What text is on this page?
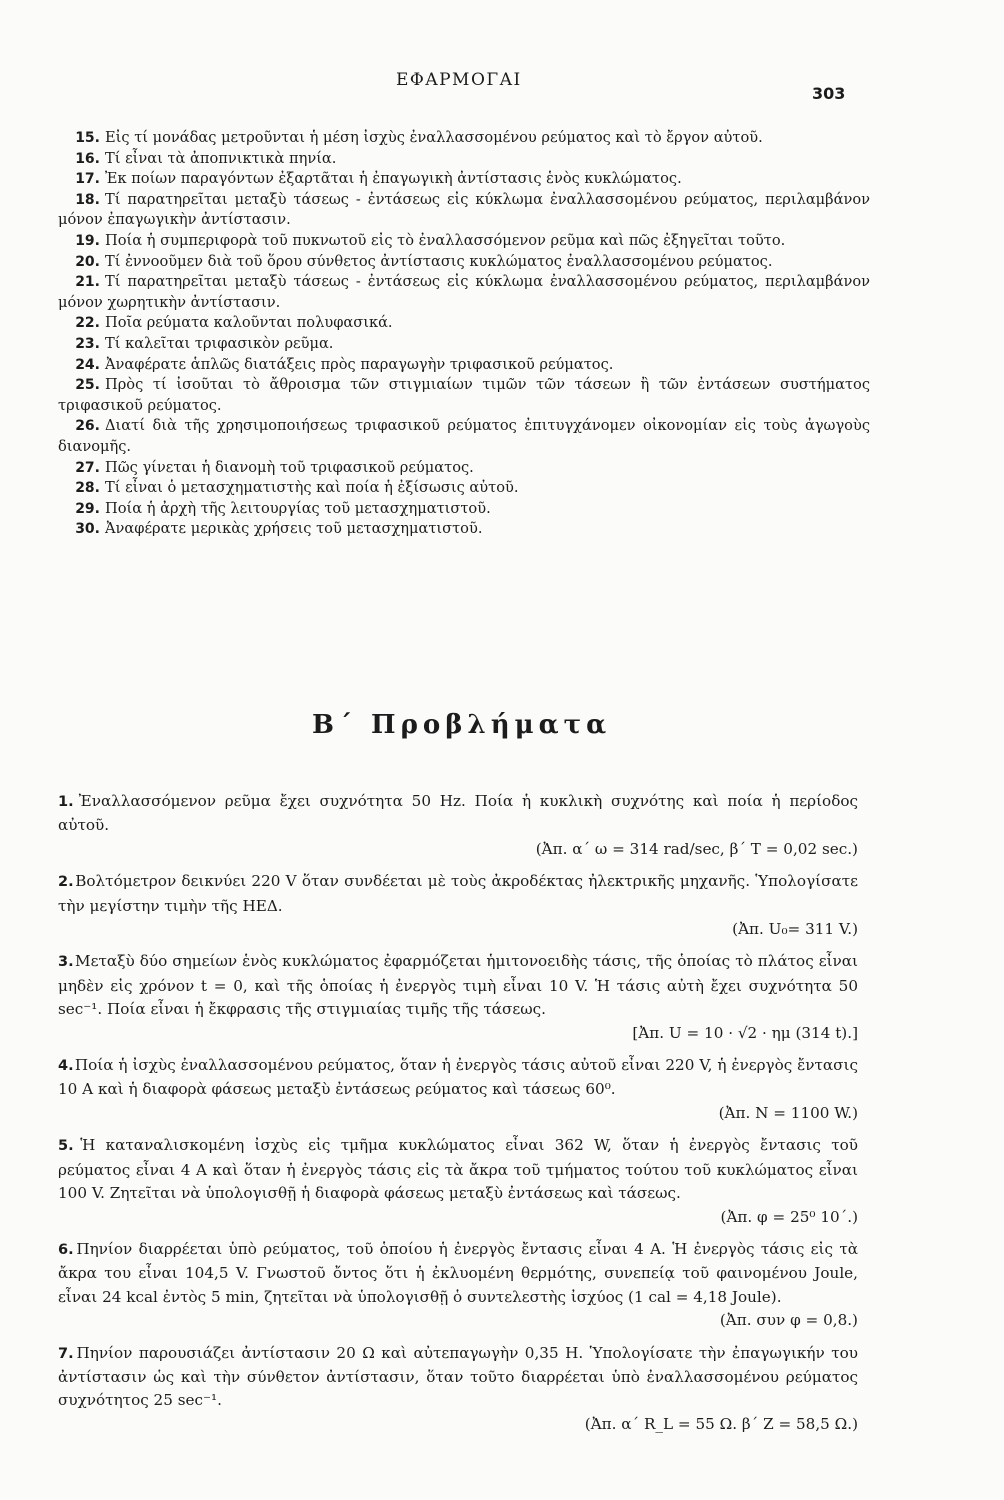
ΕΦΑΡΜΟΓΑΙ
303

15. Εἰς τί μονάδας μετροῦνται ἡ μέση ἰσχὺς ἐναλλασσομένου ρεύματος καὶ τὸ ἔργον αὐτοῦ.

16. Τί εἶναι τὰ ἀποπνικτικὰ πηνία.

17. Ἐκ ποίων παραγόντων ἐξαρτᾶται ἡ ἐπαγωγικὴ ἀντίστασις ἑνὸς κυκλώματος.

18. Τί παρατηρεῖται μεταξὺ τάσεως - ἐντάσεως εἰς κύκλωμα ἐναλλασσομένου ρεύματος, περιλαμβάνον μόνον ἐπαγωγικὴν ἀντίστασιν.

19. Ποία ἡ συμπεριφορὰ τοῦ πυκνωτοῦ εἰς τὸ ἐναλλασσόμενον ρεῦμα καὶ πῶς ἐξηγεῖται τοῦτο.

20. Τί ἐννοοῦμεν διὰ τοῦ ὅρου σύνθετος ἀντίστασις κυκλώματος ἐναλλασσομένου ρεύματος.

21. Τί παρατηρεῖται μεταξὺ τάσεως - ἐντάσεως εἰς κύκλωμα ἐναλλασσομένου ρεύματος, περιλαμβάνον μόνον χωρητικὴν ἀντίστασιν.

22. Ποῖα ρεύματα καλοῦνται πολυφασικά.

23. Τί καλεῖται τριφασικὸν ρεῦμα.

24. Ἀναφέρατε ἁπλῶς διατάξεις πρὸς παραγωγὴν τριφασικοῦ ρεύματος.

25. Πρὸς τί ἰσοῦται τὸ ἄθροισμα τῶν στιγμιαίων τιμῶν τῶν τάσεων ἢ τῶν ἐντάσεων συστήματος τριφασικοῦ ρεύματος.

26. Διατί διὰ τῆς χρησιμοποιήσεως τριφασικοῦ ρεύματος ἐπιτυγχάνομεν οἰκονομίαν εἰς τοὺς ἀγωγοὺς διανομῆς.

27. Πῶς γίνεται ἡ διανομὴ τοῦ τριφασικοῦ ρεύματος.

28. Τί εἶναι ὁ μετασχηματιστὴς καὶ ποία ἡ ἐξίσωσις αὐτοῦ.

29. Ποία ἡ ἀρχὴ τῆς λειτουργίας τοῦ μετασχηματιστοῦ.

30. Ἀναφέρατε μερικὰς χρήσεις τοῦ μετασχηματιστοῦ.

Β΄ Προβλήματα

1. Ἐναλλασσόμενον ρεῦμα ἔχει συχνότητα 50 Hz. Ποία ἡ κυκλικὴ συχνότης καὶ ποία ἡ περίοδος αὐτοῦ.
(Ἀπ. α΄ ω = 314 rad/sec, β΄ T = 0,02 sec.)

2. Βολτόμετρον δεικνύει 220 V ὅταν συνδέεται μὲ τοὺς ἀκροδέκτας ἠλεκτρικῆς μηχανῆς. Ὑπολογίσατε τὴν μεγίστην τιμὴν τῆς ΗΕΔ.
(Ἀπ. U₀= 311 V.)

3. Μεταξὺ δύο σημείων ἑνὸς κυκλώματος ἐφαρμόζεται ἡμιτονοειδὴς τάσις, τῆς ὁποίας τὸ πλάτος εἶναι μηδὲν εἰς χρόνον t = 0, καὶ τῆς ὁποίας ἡ ἐνεργὸς τιμὴ εἶναι 10 V. Ἡ τάσις αὐτὴ ἔχει συχνότητα 50 sec⁻¹. Ποία εἶναι ἡ ἔκφρασις τῆς στιγμιαίας τιμῆς τῆς τάσεως.
[Ἀπ. U = 10 · √2 · ημ (314 t).]

4. Ποία ἡ ἰσχὺς ἐναλλασσομένου ρεύματος, ὅταν ἡ ἐνεργὸς τάσις αὐτοῦ εἶναι 220 V, ἡ ἐνεργὸς ἔντασις 10 A καὶ ἡ διαφορὰ φάσεως μεταξὺ ἐντάσεως ρεύματος καὶ τάσεως 60⁰.
(Ἀπ. N = 1100 W.)

5. Ἡ καταναλισκομένη ἰσχὺς εἰς τμῆμα κυκλώματος εἶναι 362 W, ὅταν ἡ ἐνεργὸς ἔντασις τοῦ ρεύματος εἶναι 4 A καὶ ὅταν ἡ ἐνεργὸς τάσις εἰς τὰ ἄκρα τοῦ τμήματος τούτου τοῦ κυκλώματος εἶναι 100 V. Ζητεῖται νὰ ὑπολογισθῇ ἡ διαφορὰ φάσεως μεταξὺ ἐντάσεως καὶ τάσεως.
(Ἀπ. φ = 25⁰ 10΄.)

6. Πηνίον διαρρέεται ὑπὸ ρεύματος, τοῦ ὁποίου ἡ ἐνεργὸς ἔντασις εἶναι 4 A. Ἡ ἐνεργὸς τάσις εἰς τὰ ἄκρα του εἶναι 104,5 V. Γνωστοῦ ὄντος ὅτι ἡ ἐκλυομένη θερμότης, συνεπείᾳ τοῦ φαινομένου Joule, εἶναι 24 kcal ἐντὸς 5 min, ζητεῖται νὰ ὑπολογισθῇ ὁ συντελεστὴς ἰσχύος (1 cal = 4,18 Joule).
(Ἀπ. συν φ = 0,8.)

7. Πηνίον παρουσιάζει ἀντίστασιν 20 Ω καὶ αὐτεπαγωγὴν 0,35 H. Ὑπολογίσατε τὴν ἐπαγωγικήν του ἀντίστασιν ὡς καὶ τὴν σύνθετον ἀντίστασιν, ὅταν τοῦτο διαρρέεται ὑπὸ ἐναλλασσομένου ρεύματος συχνότητος 25 sec⁻¹.
(Ἀπ. α΄ R_L = 55 Ω. β΄ Z = 58,5 Ω.)
